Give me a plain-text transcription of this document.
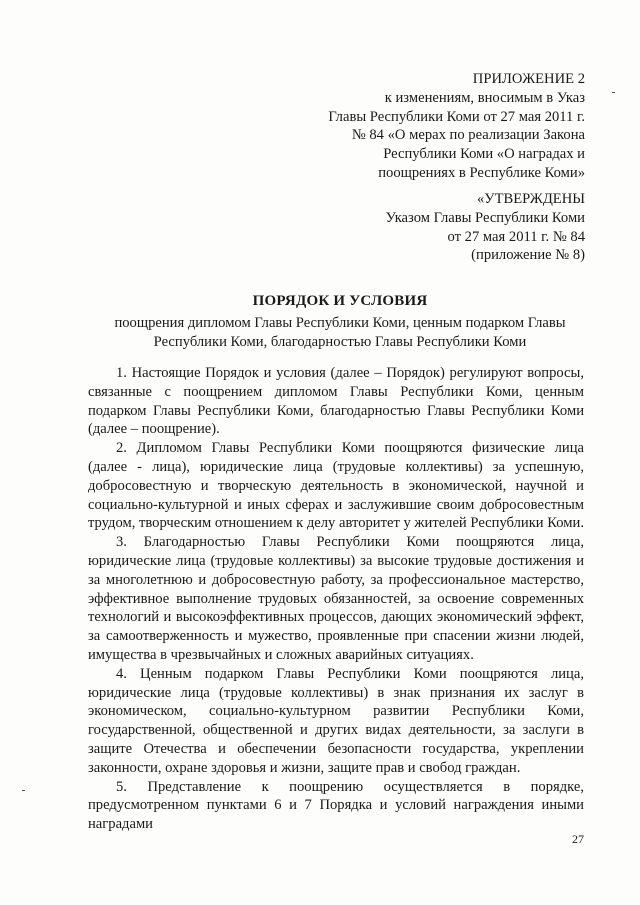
ПРИЛОЖЕНИЕ 2
к изменениям, вносимым в Указ
Главы Республики Коми от 27 мая 2011 г.
№ 84 «О мерах по реализации Закона
Республики Коми «О наградах и
поощрениях в Республике Коми»
«УТВЕРЖДЕНЫ
Указом Главы Республики Коми
от 27 мая 2011 г. № 84
(приложение № 8)
ПОРЯДОК И УСЛОВИЯ
поощрения дипломом Главы Республики Коми, ценным подарком Главы Республики Коми, благодарностью Главы Республики Коми

1. Настоящие Порядок и условия (далее – Порядок) регулируют вопросы, связанные с поощрением дипломом Главы Республики Коми, ценным подарком Главы Республики Коми, благодарностью Главы Республики Коми (далее – поощрение).

2. Дипломом Главы Республики Коми поощряются физические лица (далее - лица), юридические лица (трудовые коллективы) за успешную, добросовестную и творческую деятельность в экономической, научной и социально-культурной и иных сферах и заслужившие своим добросовестным трудом, творческим отношением к делу авторитет у жителей Республики Коми.

3. Благодарностью Главы Республики Коми поощряются лица, юридические лица (трудовые коллективы) за высокие трудовые достижения и за многолетнюю и добросовестную работу, за профессиональное мастерство, эффективное выполнение трудовых обязанностей, за освоение современных технологий и высокоэффективных процессов, дающих экономический эффект, за самоотверженность и мужество, проявленные при спасении жизни людей, имущества в чрезвычайных и сложных аварийных ситуациях.

4. Ценным подарком Главы Республики Коми поощряются лица, юридические лица (трудовые коллективы) в знак признания их заслуг в экономическом, социально-культурном развитии Республики Коми, государственной, общественной и других видах деятельности, за заслуги в защите Отечества и обеспечении безопасности государства, укреплении законности, охране здоровья и жизни, защите прав и свобод граждан.

5. Представление к поощрению осуществляется в порядке, предусмотренном пунктами 6 и 7 Порядка и условий награждения иными наградами

27
